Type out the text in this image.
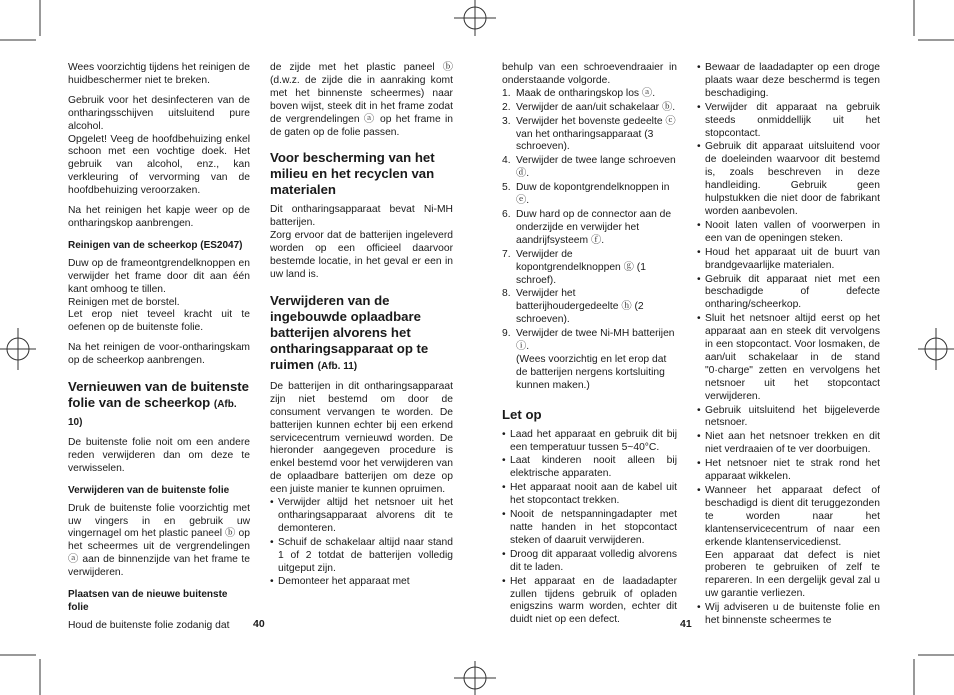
Wees voorzichtig tijdens het reinigen de huidbeschermer niet te breken.

Gebruik voor het desinfecteren van de ontharingsschijven uitsluitend pure alcohol.

Opgelet! Veeg de hoofdbehuizing enkel schoon met een vochtige doek. Het gebruik van alcohol, enz., kan verkleuring of vervorming van de hoofdbehuizing veroorzaken.

Na het reinigen het kapje weer op de ontharingskop aanbrengen.

Reinigen van de scheerkop (ES2047)

Duw op de frameontgrendelknoppen en verwijder het frame door dit aan één kant omhoog te tillen.

Reinigen met de borstel.

Let erop niet teveel kracht uit te oefenen op de buitenste folie.

Na het reinigen de voor-ontharingskam op de scheerkop aanbrengen.

Vernieuwen van de buitenste folie van de scheerkop (Afb. 10)

De buitenste folie noit om een andere reden verwijderen dan om deze te verwisselen.

Verwijderen van de buitenste folie

Druk de buitenste folie voorzichtig met uw vingers in en gebruik uw vingernagel om het plastic paneel ⓑ op het scheermes uit de vergrendelingen ⓐ aan de binnenzijde van het frame te verwijderen.

Plaatsen van de nieuwe buitenste folie

Houd de buitenste folie zodanig dat

de zijde met het plastic paneel ⓑ (d.w.z. de zijde die in aanraking komt met het binnenste scheermes) naar boven wijst, steek dit in het frame zodat de vergrendelingen ⓐ op het frame in de gaten op de folie passen.

Voor bescherming van het milieu en het recyclen van materialen

Dit ontharingsapparaat bevat Ni-MH batterijen.

Zorg ervoor dat de batterijen ingeleverd worden op een officieel daarvoor bestemde locatie, in het geval er een in uw land is.

Verwijderen van de ingebouwde oplaadbare batterijen alvorens het ontharingsapparaat op te ruimen (Afb. 11)

De batterijen in dit ontharingsapparaat zijn niet bestemd om door de consument vervangen te worden. De batterijen kunnen echter bij een erkend servicecentrum vernieuwd worden. De hieronder aangegeven procedure is enkel bestemd voor het verwijderen van de oplaadbare batterijen om deze op een juiste manier te kunnen opruimen.

• Verwijder altijd het netsnoer uit het ontharingsapparaat alvorens dit te demonteren.
• Schuif de schakelaar altijd naar stand 1 of 2 totdat de batterijen volledig uitgeput zijn.
• Demonteer het apparaat met
40

behulp van een schroevendraaier in onderstaande volgorde.

1. Maak de ontharingskop los ⓐ.
2. Verwijder de aan/uit schakelaar ⓑ.
3. Verwijder het bovenste gedeelte ⓒ van het ontharingsapparaat (3 schroeven).
4. Verwijder de twee lange schroeven ⓓ.
5. Duw de kopontgrendelknoppen in ⓔ.
6. Duw hard op de connector aan de onderzijde en verwijder het aandrijfsysteem ⓕ.
7. Verwijder de kopontgrendelknoppen ⓖ (1 schroef).
8. Verwijder het batterijhoudergedeelte ⓗ (2 schroeven).
9. Verwijder de twee Ni-MH batterijen ⓘ.
(Wees voorzichtig en let erop dat de batterijen nergens kortsluiting kunnen maken.)
Let op
• Laad het apparaat en gebruik dit bij een temperatuur tussen 5~40°C.
• Laat kinderen nooit alleen bij elektrische apparaten.
• Het apparaat nooit aan de kabel uit het stopcontact trekken.
• Nooit de netspanningadapter met natte handen in het stopcontact steken of daaruit verwijderen.
• Droog dit apparaat volledig alvorens dit te laden.
• Het apparaat en de laadadapter zullen tijdens gebruik of opladen enigszins warm worden, echter dit duidt niet op een defect.
• Bewaar de laadadapter op een droge plaats waar deze beschermd is tegen beschadiging.
• Verwijder dit apparaat na gebruik steeds onmiddellijk uit het stopcontact.
• Gebruik dit apparaat uitsluitend voor de doeleinden waarvoor dit bestemd is, zoals beschreven in deze handleiding. Gebruik geen hulpstukken die niet door de fabrikant worden aanbevolen.
• Nooit laten vallen of voorwerpen in een van de openingen steken.
• Houd het apparaat uit de buurt van brandgevaarlijke materialen.
• Gebruik dit apparaat niet met een beschadigde of defecte ontharing/scheerkop.
• Sluit het netsnoer altijd eerst op het apparaat aan en steek dit vervolgens in een stopcontact. Voor losmaken, de aan/uit schakelaar in de stand "0·charge" zetten en vervolgens het netsnoer uit het stopcontact verwijderen.
• Gebruik uitsluitend het bijgeleverde netsnoer.
• Niet aan het netsnoer trekken en dit niet verdraaien of te ver doorbuigen.
• Het netsnoer niet te strak rond het apparaat wikkelen.
• Wanneer het apparaat defect of beschadigd is dient dit teruggezonden te worden naar het klantenservicecentrum of naar een erkende klantenservicedienst.
Een apparaat dat defect is niet proberen te gebruiken of zelf te repareren. In een dergelijk geval zal u uw garantie verliezen.
• Wij adviseren u de buitenste folie en het binnenste scheermes te
41
